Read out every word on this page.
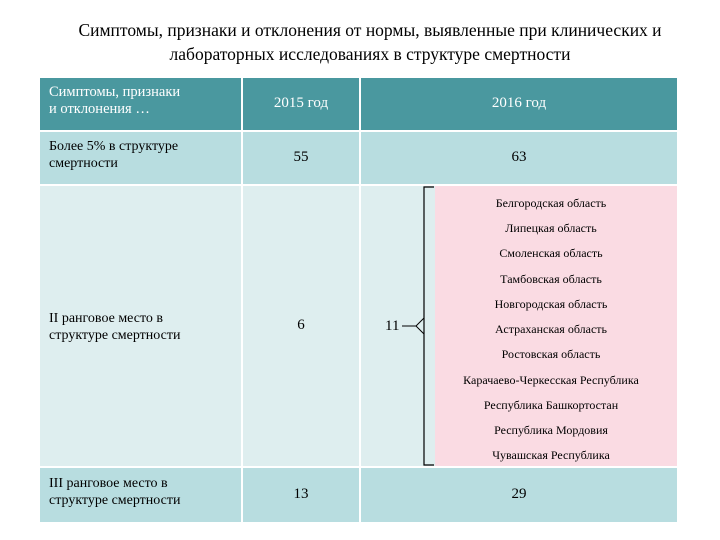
Симптомы, признаки и отклонения от нормы, выявленные при клинических и
лабораторных исследованиях в структуре смертности
Симптомы, признаки
и отклонения …	2015 год	2016 год
Более 5% в структуре
смертности	55	63
II ранговое место в
структуре смертности
6	11
Белгородская область
Липецкая область
Смоленская область
Тамбовская область
Новгородская область
Астраханская область
Ростовская область
Карачаево-Черкесская Республика
Республика Башкортостан
Республика Мордовия
Чувашская Республика
III ранговое место в
структуре смертности	13	29
